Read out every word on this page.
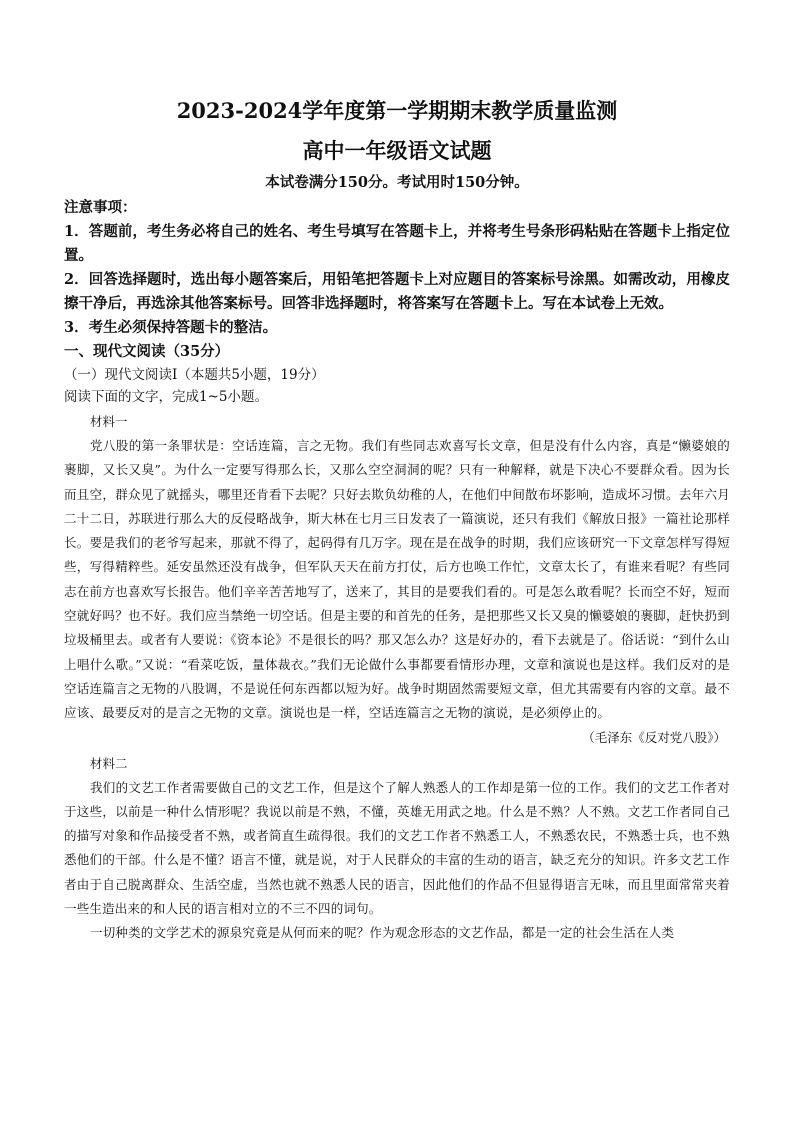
2023-2024学年度第一学期期末教学质量监测
高中一年级语文试题

本试卷满分150分。考试用时150分钟。

注意事项：

1．答题前，考生务必将自己的姓名、考生号填写在答题卡上，并将考生号条形码粘贴在答题卡上指定位置。

2．回答选择题时，选出每小题答案后，用铅笔把答题卡上对应题目的答案标号涂黑。如需改动，用橡皮擦干净后，再选涂其他答案标号。回答非选择题时，将答案写在答题卡上。写在本试卷上无效。

3．考生必须保持答题卡的整洁。

一、现代文阅读（35分）

（一）现代文阅读Ⅰ（本题共5小题，19分）

阅读下面的文字，完成1~5小题。

材料一

党八股的第一条罪状是：空话连篇，言之无物。我们有些同志欢喜写长文章，但是没有什么内容，真是“懒婆娘的裹脚，又长又臭”。为什么一定要写得那么长，又那么空空洞洞的呢？只有一种解释，就是下决心不要群众看。因为长而且空，群众见了就摇头，哪里还肯看下去呢？只好去欺负幼稚的人，在他们中间散布坏影响，造成坏习惯。去年六月二十二日，苏联进行那么大的反侵略战争，斯大林在七月三日发表了一篇演说，还只有我们《解放日报》一篇社论那样长。要是我们的老爷写起来，那就不得了，起码得有几万字。现在是在战争的时期，我们应该研究一下文章怎样写得短些，写得精粹些。延安虽然还没有战争，但军队天天在前方打仗，后方也唤工作忙，文章太长了，有谁来看呢？有些同志在前方也喜欢写长报告。他们辛辛苦苦地写了，送来了，其目的是要我们看的。可是怎么敢看呢？长而空不好，短而空就好吗？也不好。我们应当禁绝一切空话。但是主要的和首先的任务，是把那些又长又臭的懒婆娘的裹脚，赶快扔到垃圾桶里去。或者有人要说：《资本论》不是很长的吗？那又怎么办？这是好办的，看下去就是了。俗话说：“到什么山上唱什么歌。”又说：“看菜吃饭，量体裁衣。”我们无论做什么事都要看情形办理，文章和演说也是这样。我们反对的是空话连篇言之无物的八股调，不是说任何东西都以短为好。战争时期固然需要短文章，但尤其需要有内容的文章。最不应该、最要反对的是言之无物的文章。演说也是一样，空话连篇言之无物的演说，是必须停止的。

（毛泽东《反对党八股》）

材料二

我们的文艺工作者需要做自己的文艺工作，但是这个了解人熟悉人的工作却是第一位的工作。我们的文艺工作者对于这些，以前是一种什么情形呢？我说以前是不熟，不懂，英雄无用武之地。什么是不熟？人不熟。文艺工作者同自己的描写对象和作品接受者不熟，或者简直生疏得很。我们的文艺工作者不熟悉工人，不熟悉农民，不熟悉士兵，也不熟悉他们的干部。什么是不懂？语言不懂，就是说，对于人民群众的丰富的生动的语言，缺乏充分的知识。许多文艺工作者由于自己脱离群众、生活空虚，当然也就不熟悉人民的语言，因此他们的作品不但显得语言无味，而且里面常常夹着一些生造出来的和人民的语言相对立的不三不四的词句。

一切种类的文学艺术的源泉究竟是从何而来的呢？作为观念形态的文艺作品，都是一定的社会生活在人类
